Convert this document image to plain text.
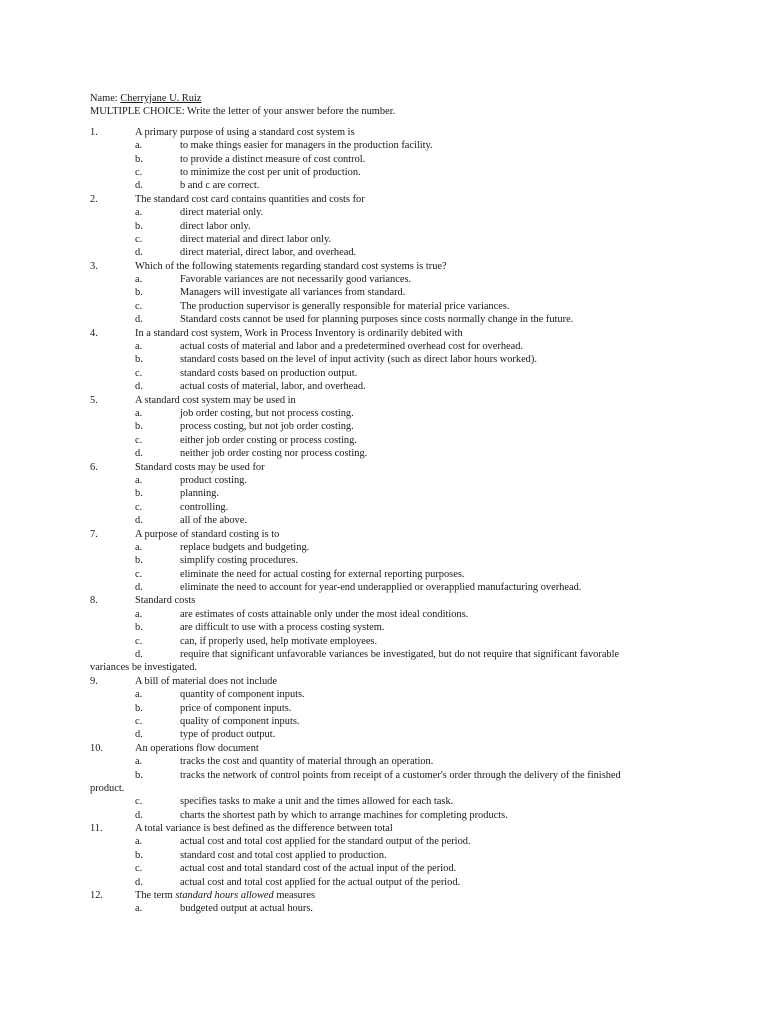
Name: Cherryjane U. Ruiz
MULTIPLE CHOICE: Write the letter of your answer before the number.
1.	A primary purpose of using a standard cost system is
a.	to make things easier for managers in the production facility.
b.	to provide a distinct measure of cost control.
c.	to minimize the cost per unit of production.
d.	b and c are correct.
2.	The standard cost card contains quantities and costs for
a.	direct material only.
b.	direct labor only.
c.	direct material and direct labor only.
d.	direct material, direct labor, and overhead.
3.	Which of the following statements regarding standard cost systems is true?
a.	Favorable variances are not necessarily good variances.
b.	Managers will investigate all variances from standard.
c.	The production supervisor is generally responsible for material price variances.
d.	Standard costs cannot be used for planning purposes since costs normally change in the future.
4.	In a standard cost system, Work in Process Inventory is ordinarily debited with
a.	actual costs of material and labor and a predetermined overhead cost for overhead.
b.	standard costs based on the level of input activity (such as direct labor hours worked).
c.	standard costs based on production output.
d.	actual costs of material, labor, and overhead.
5.	A standard cost system may be used in
a.	job order costing, but not process costing.
b.	process costing, but not job order costing.
c.	either job order costing or process costing.
d.	neither job order costing nor process costing.
6.	Standard costs may be used for
a.	product costing.
b.	planning.
c.	controlling.
d.	all of the above.
7.	A purpose of standard costing is to
a.	replace budgets and budgeting.
b.	simplify costing procedures.
c.	eliminate the need for actual costing for external reporting purposes.
d.	eliminate the need to account for year-end underapplied or overapplied manufacturing overhead.
8.	Standard costs
a.	are estimates of costs attainable only under the most ideal conditions.
b.	are difficult to use with a process costing system.
c.	can, if properly used, help motivate employees.
d.	require that significant unfavorable variances be investigated, but do not require that significant favorable
variances be investigated.
9.	A bill of material does not include
a.	quantity of component inputs.
b.	price of component inputs.
c.	quality of component inputs.
d.	type of product output.
10.	An operations flow document
a.	tracks the cost and quantity of material through an operation.
b.	tracks the network of control points from receipt of a customer's order through the delivery of the finished
product.
c.	specifies tasks to make a unit and the times allowed for each task.
d.	charts the shortest path by which to arrange machines for completing products.
11.	A total variance is best defined as the difference between total
a.	actual cost and total cost applied for the standard output of the period.
b.	standard cost and total cost applied to production.
c.	actual cost and total standard cost of the actual input of the period.
d.	actual cost and total cost applied for the actual output of the period.
12.	The term standard hours allowed measures
a.	budgeted output at actual hours.
